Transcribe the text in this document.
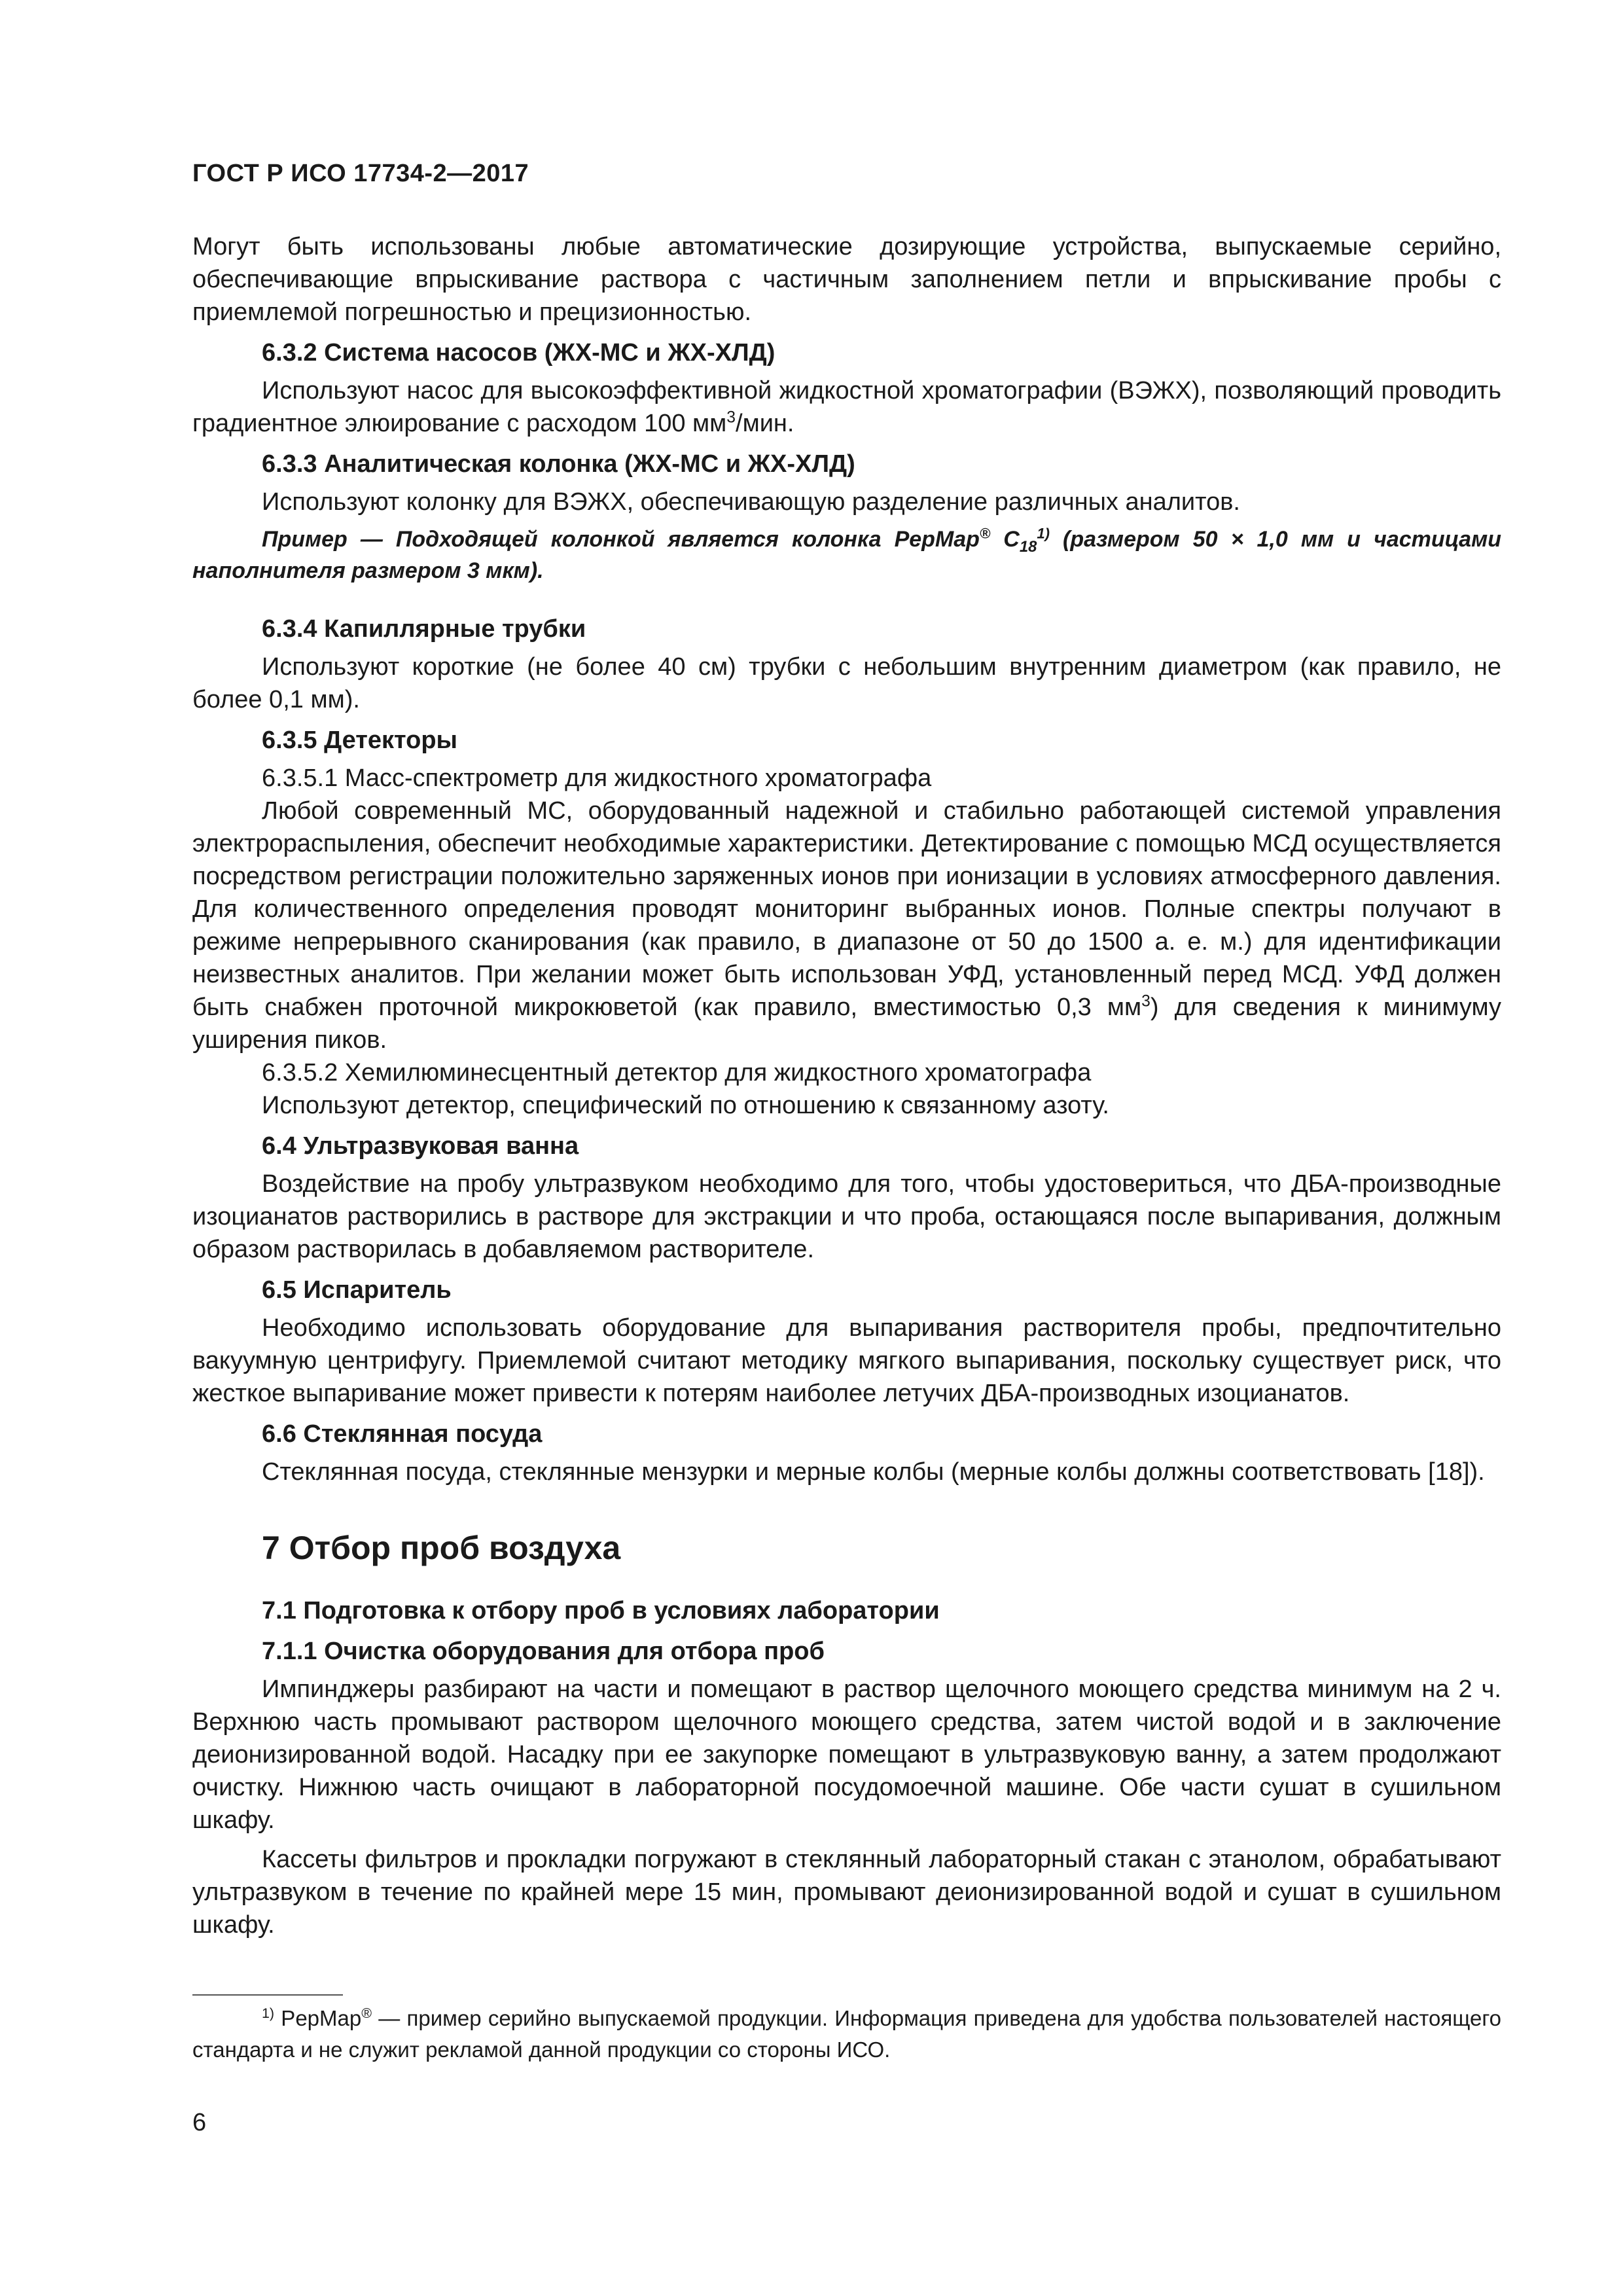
ГОСТ Р ИСО 17734-2—2017

Могут быть использованы любые автоматические дозирующие устройства, выпускаемые серийно, обеспечивающие впрыскивание раствора с частичным заполнением петли и впрыскивание пробы с приемлемой погрешностью и прецизионностью.

6.3.2 Система насосов (ЖХ-МС и ЖХ-ХЛД)

Используют насос для высокоэффективной жидкостной хроматографии (ВЭЖХ), позволяющий проводить градиентное элюирование с расходом 100 $мм^3$/мин.

6.3.3 Аналитическая колонка (ЖХ-МС и ЖХ-ХЛД)

Используют колонку для ВЭЖХ, обеспечивающую разделение различных аналитов.

Пример — Подходящей колонкой является колонка PepMap® $C_{18}^{1)}$ (размером 50 × 1,0 мм и частицами наполнителя размером 3 мкм).

6.3.4 Капиллярные трубки

Используют короткие (не более 40 см) трубки с небольшим внутренним диаметром (как правило, не более 0,1 мм).

6.3.5 Детекторы

6.3.5.1 Масс-спектрометр для жидкостного хроматографа

Любой современный МС, оборудованный надежной и стабильно работающей системой управления электрораспыления, обеспечит необходимые характеристики. Детектирование с помощью МСД осуществляется посредством регистрации положительно заряженных ионов при ионизации в условиях атмосферного давления. Для количественного определения проводят мониторинг выбранных ионов. Полные спектры получают в режиме непрерывного сканирования (как правило, в диапазоне от 50 до 1500 а. е. м.) для идентификации неизвестных аналитов. При желании может быть использован УФД, установленный перед МСД. УФД должен быть снабжен проточной микрокюветой (как правило, вместимостью 0,3 $мм^3$) для сведения к минимуму уширения пиков.

6.3.5.2 Хемилюминесцентный детектор для жидкостного хроматографа

Используют детектор, специфический по отношению к связанному азоту.

6.4 Ультразвуковая ванна

Воздействие на пробу ультразвуком необходимо для того, чтобы удостовериться, что ДБА-производные изоцианатов растворились в растворе для экстракции и что проба, остающаяся после выпаривания, должным образом растворилась в добавляемом растворителе.

6.5 Испаритель

Необходимо использовать оборудование для выпаривания растворителя пробы, предпочтительно вакуумную центрифугу. Приемлемой считают методику мягкого выпаривания, поскольку существует риск, что жесткое выпаривание может привести к потерям наиболее летучих ДБА-производных изоцианатов.

6.6 Стеклянная посуда

Стеклянная посуда, стеклянные мензурки и мерные колбы (мерные колбы должны соответствовать [18]).

7 Отбор проб воздуха

7.1 Подготовка к отбору проб в условиях лаборатории

7.1.1 Очистка оборудования для отбора проб

Импинджеры разбирают на части и помещают в раствор щелочного моющего средства минимум на 2 ч. Верхнюю часть промывают раствором щелочного моющего средства, затем чистой водой и в заключение деионизированной водой. Насадку при ее закупорке помещают в ультразвуковую ванну, а затем продолжают очистку. Нижнюю часть очищают в лабораторной посудомоечной машине. Обе части сушат в сушильном шкафу.

Кассеты фильтров и прокладки погружают в стеклянный лабораторный стакан с этанолом, обрабатывают ультразвуком в течение по крайней мере 15 мин, промывают деионизированной водой и сушат в сушильном шкафу.

$^{1)}$ PepMap® — пример серийно выпускаемой продукции. Информация приведена для удобства пользователей настоящего стандарта и не служит рекламой данной продукции со стороны ИСО.
6
